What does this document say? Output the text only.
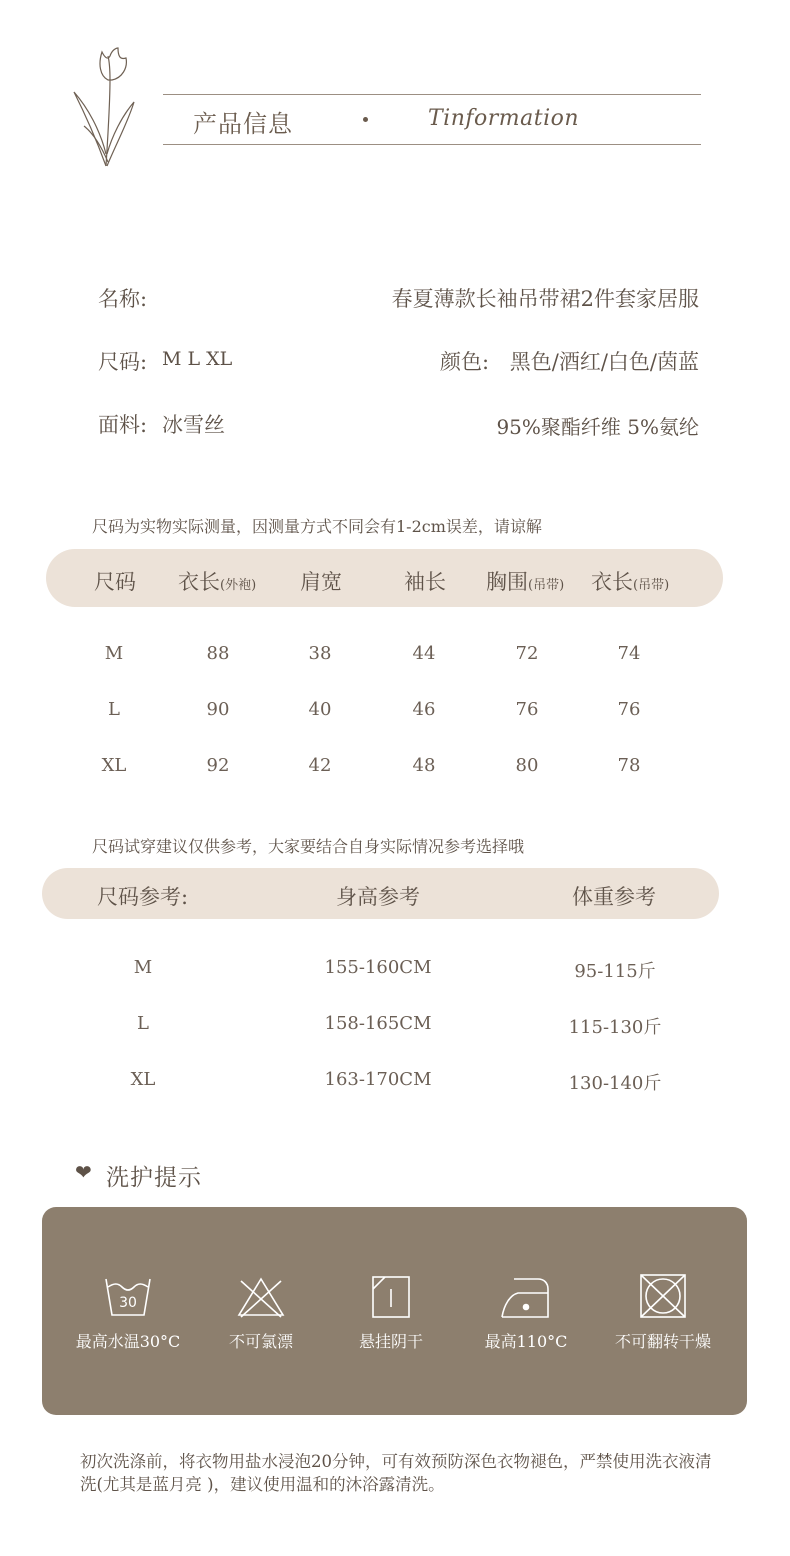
产品信息	Tinformation
名称:	春夏薄款长袖吊带裙2件套家居服
尺码: M L XL	颜色: 黑色/酒红/白色/茵蓝
面料: 冰雪丝	95%聚酯纤维 5%氨纶
尺码为实物实际测量，因测量方式不同会有1-2cm误差，请谅解
尺码 衣长(外袍) 肩宽	袖长 胸围(吊带) 衣长(吊带)
M	88	38	44	72	74
L	90	40	46	76	76
XL	92	42	48	80	78
尺码试穿建议仅供参考，大家要结合自身实际情况参考选择哦
尺码参考:	身高参考	体重参考
M	155-160CM	95-115斤
L	158-165CM	115-130斤
XL	163-170CM	130-140斤
❤ 洗护提示
30
最高水温30°C	不可氯漂	悬挂阴干	最高110°C	不可翻转干燥
初次洗涤前，将衣物用盐水浸泡20分钟，可有效预防深色衣物褪色，严禁使用洗衣液清洗(尤其是蓝月亮 )，建议使用温和的沐浴露清洗。
